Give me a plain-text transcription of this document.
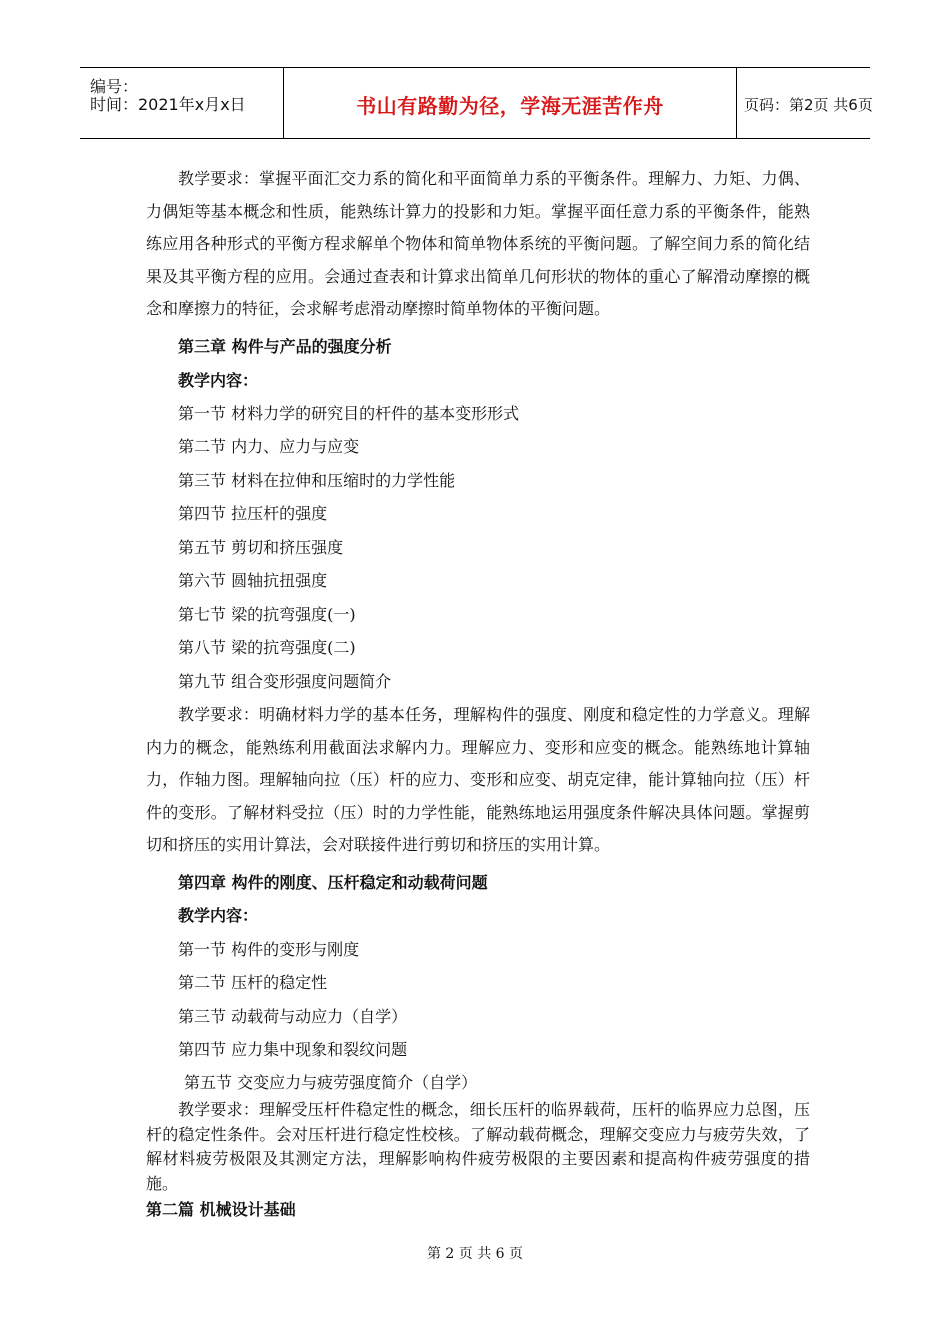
编号：
时间：2021年x月x日	书山有路勤为径，学海无涯苦作舟	页码：第2页 共6页
教学要求：掌握平面汇交力系的简化和平面简单力系的平衡条件。理解力、力矩、力偶、力偶矩等基本概念和性质，能熟练计算力的投影和力矩。掌握平面任意力系的平衡条件，能熟练应用各种形式的平衡方程求解单个物体和简单物体系统的平衡问题。了解空间力系的简化结果及其平衡方程的应用。会通过查表和计算求出简单几何形状的物体的重心了解滑动摩擦的概念和摩擦力的特征，会求解考虑滑动摩擦时简单物体的平衡问题。
第三章 构件与产品的强度分析
教学内容：
第一节 材料力学的研究目的杆件的基本变形形式
第二节 内力、应力与应变
第三节 材料在拉伸和压缩时的力学性能
第四节 拉压杆的强度
第五节 剪切和挤压强度
第六节 圆轴抗扭强度
第七节 梁的抗弯强度(一)
第八节 梁的抗弯强度(二)
第九节 组合变形强度问题简介
教学要求：明确材料力学的基本任务，理解构件的强度、刚度和稳定性的力学意义。理解内力的概念，能熟练利用截面法求解内力。理解应力、变形和应变的概念。能熟练地计算轴力，作轴力图。理解轴向拉（压）杆的应力、变形和应变、胡克定律，能计算轴向拉（压）杆件的变形。了解材料受拉（压）时的力学性能，能熟练地运用强度条件解决具体问题。掌握剪切和挤压的实用计算法，会对联接件进行剪切和挤压的实用计算。
第四章 构件的刚度、压杆稳定和动载荷问题
教学内容：
第一节 构件的变形与刚度
第二节 压杆的稳定性
第三节 动载荷与动应力（自学）
第四节 应力集中现象和裂纹问题
第五节 交变应力与疲劳强度简介（自学）
教学要求：理解受压杆件稳定性的概念，细长压杆的临界载荷，压杆的临界应力总图，压杆的稳定性条件。会对压杆进行稳定性校核。了解动载荷概念，理解交变应力与疲劳失效，了解材料疲劳极限及其测定方法，理解影响构件疲劳极限的主要因素和提高构件疲劳强度的措施。
第二篇 机械设计基础
第 2 页 共 6 页
